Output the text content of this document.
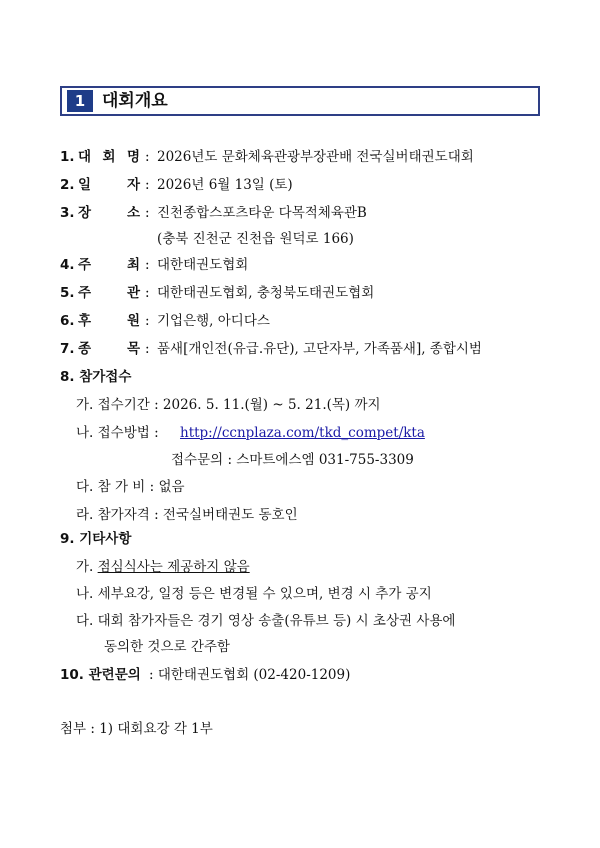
1 대회개요
1. 대 회 명 : 2026년도 문화체육관광부장관배 전국실버태권도대회
2. 일	자 : 2026년 6월 13일 (토)
3. 장	소 : 진천종합스포츠타운 다목적체육관B
(충북 진천군 진천읍 원덕로 166)
4. 주	최 : 대한태권도협회
5. 주	관 : 대한태권도협회, 충청북도태권도협회
6. 후	원 : 기업은행, 아디다스
7. 종	목 : 품새[개인전(유급.유단), 고단자부, 가족품새], 종합시범
8. 참가접수
가. 접수기간 : 2026. 5. 11.(월) ~ 5. 21.(목) 까지
나. 접수방법 : http://ccnplaza.com/tkd_compet/kta
접수문의 : 스마트에스엠 031-755-3309
다. 참 가 비 : 없음
라. 참가자격 : 전국실버태권도 동호인
9. 기타사항
가. 점심식사는 제공하지 않음
나. 세부요강, 일정 등은 변경될 수 있으며, 변경 시 추가 공지
다. 대회 참가자들은 경기 영상 송출(유튜브 등) 시 초상권 사용에
동의한 것으로 간주함
10. 관련문의 : 대한태권도협회 (02-420-1209)
첨부 : 1) 대회요강 각 1부
